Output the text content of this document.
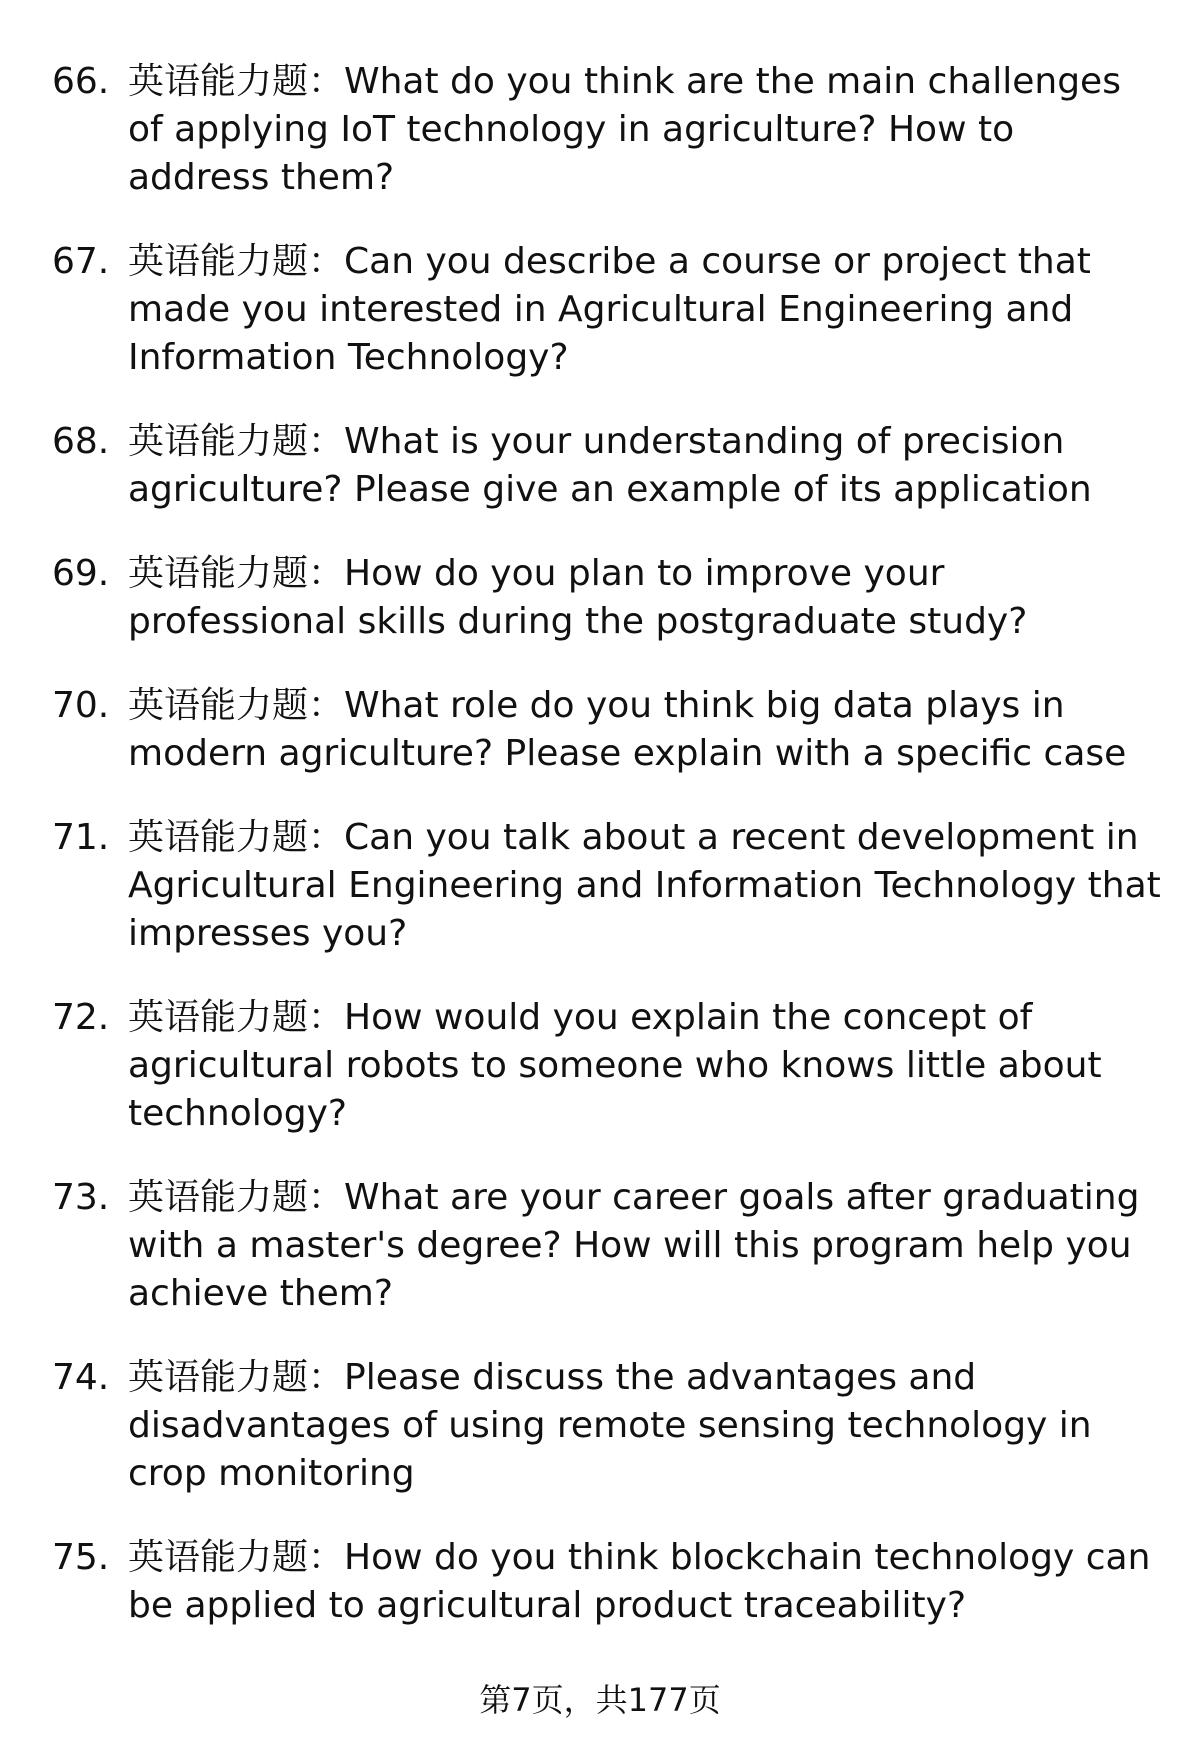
66. 英语能力题：What do you think are the main challenges of applying IoT technology in agriculture? How to address them?
67. 英语能力题：Can you describe a course or project that made you interested in Agricultural Engineering and Information Technology?
68. 英语能力题：What is your understanding of precision agriculture? Please give an example of its application
69. 英语能力题：How do you plan to improve your professional skills during the postgraduate study?
70. 英语能力题：What role do you think big data plays in modern agriculture? Please explain with a specific case
71. 英语能力题：Can you talk about a recent development in Agricultural Engineering and Information Technology that impresses you?
72. 英语能力题：How would you explain the concept of agricultural robots to someone who knows little about technology?
73. 英语能力题：What are your career goals after graduating with a master's degree? How will this program help you achieve them?
74. 英语能力题：Please discuss the advantages and disadvantages of using remote sensing technology in crop monitoring
75. 英语能力题：How do you think blockchain technology can be applied to agricultural product traceability?
第7页，共177页
